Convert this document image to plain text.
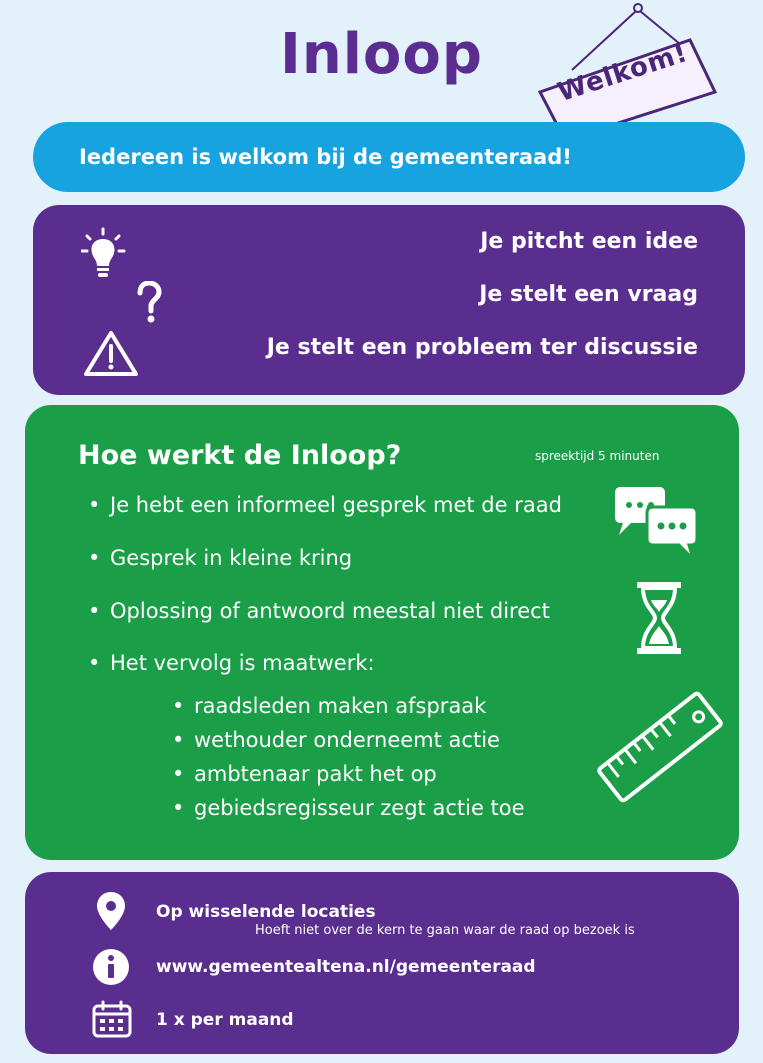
Inloop	Welkom!
Iedereen is welkom bij de gemeenteraad!
Je pitcht een idee
Je stelt een vraag
Je stelt een probleem ter discussie
Hoe werkt de Inloop?	spreektijd 5 minuten
• Je hebt een informeel gesprek met de raad
• Gesprek in kleine kring
• Oplossing of antwoord meestal niet direct
• Het vervolg is maatwerk:
• raadsleden maken afspraak
• wethouder onderneemt actie
• ambtenaar pakt het op
• gebiedsregisseur zegt actie toe
Op wisselende locaties
Hoeft niet over de kern te gaan waar de raad op bezoek is
www.gemeentealtena.nl/gemeenteraad
1 x per maand
